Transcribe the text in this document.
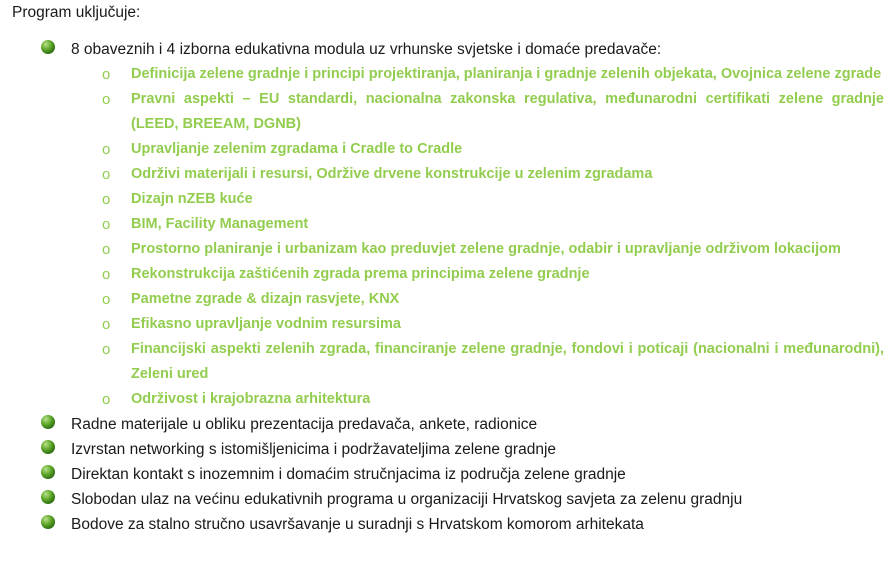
Program uključuje:
8 obaveznih i 4 izborna edukativna modula uz vrhunske svjetske i domaće predavače:
o Definicija zelene gradnje i principi projektiranja, planiranja i gradnje zelenih objekata, Ovojnica zelene zgrade
o Pravni aspekti – EU standardi, nacionalna zakonska regulativa, međunarodni certifikati zelene gradnje (LEED, BREEAM, DGNB)
o Upravljanje zelenim zgradama i Cradle to Cradle
o Održivi materijali i resursi, Održive drvene konstrukcije u zelenim zgradama
o Dizajn nZEB kuće
o BIM, Facility Management
o Prostorno planiranje i urbanizam kao preduvjet zelene gradnje, odabir i upravljanje održivom lokacijom
o Rekonstrukcija zaštićenih zgrada prema principima zelene gradnje
o Pametne zgrade & dizajn rasvjete, KNX
o Efikasno upravljanje vodnim resursima
o Financijski aspekti zelenih zgrada, financiranje zelene gradnje, fondovi i poticaji (nacionalni i međunarodni), Zeleni ured
o Održivost i krajobrazna arhitektura
Radne materijale u obliku prezentacija predavača, ankete, radionice
Izvrstan networking s istomišljenicima i podržavateljima zelene gradnje
Direktan kontakt s inozemnim i domaćim stručnjacima iz područja zelene gradnje
Slobodan ulaz na većinu edukativnih programa u organizaciji Hrvatskog savjeta za zelenu gradnju
Bodove za stalno stručno usavršavanje u suradnji s Hrvatskom komorom arhitekata
